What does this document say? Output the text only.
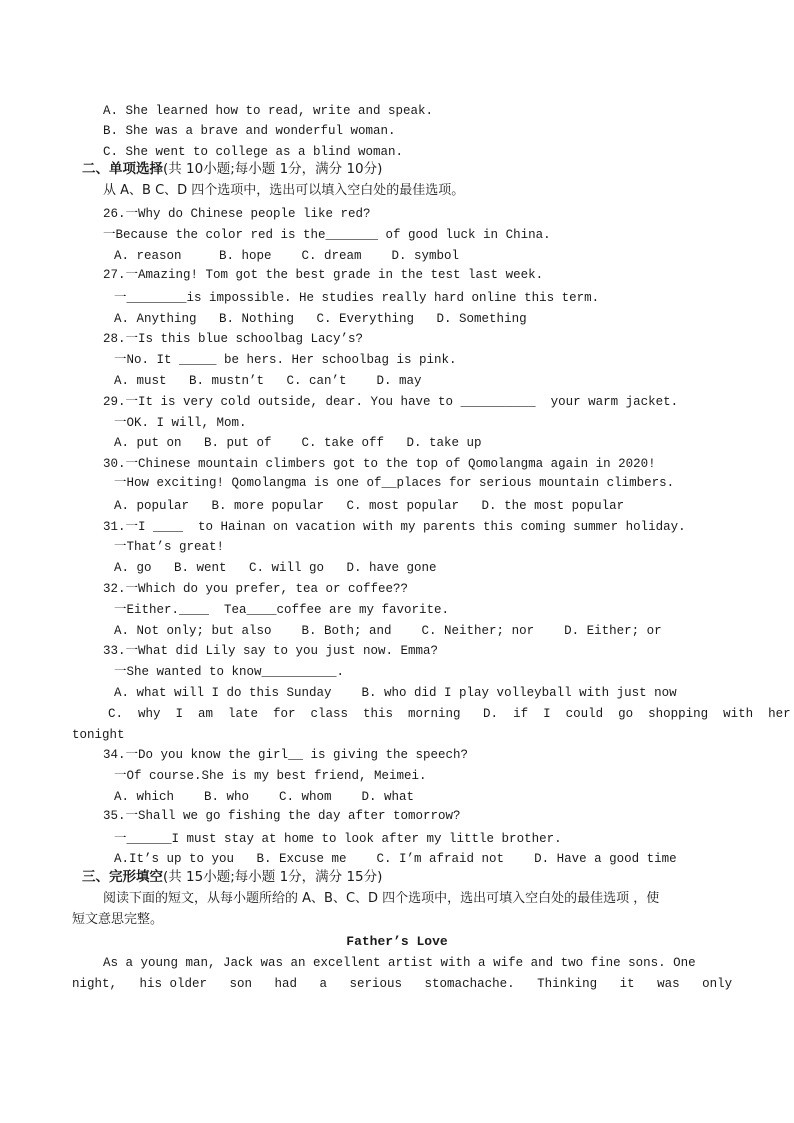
A. She learned how to read, write and speak.
B. She was a brave and wonderful woman.
C. She went to college as a blind woman.
二、单项选择(共 10小题;每小题 1分，满分 10分)
从 A、B C、D 四个选项中，选出可以填入空白处的最佳选项。
26.一Why do Chinese people like red?
一Because the color red is the_______ of good luck in China.
A. reason     B. hope    C. dream    D. symbol
27.一Amazing! Tom got the best grade in the test last week.
一________is impossible. He studies really hard online this term.
A. Anything   B. Nothing   C. Everything   D. Something
28.一Is this blue schoolbag Lacy’s?
一No. It _____ be hers. Her schoolbag is pink.
A. must   B. mustn’t   C. can’t    D. may
29.一It is very cold outside, dear. You have to __________  your warm jacket.
一OK. I will, Mom.
A. put on   B. put of    C. take off   D. take up
30.一Chinese mountain climbers got to the top of Qomolangma again in 2020!
一How exciting! Qomolangma is one of__places for serious mountain climbers.
A. popular   B. more popular   C. most popular   D. the most popular
31.一I ____  to Hainan on vacation with my parents this coming summer holiday.
一That’s great!
A. go   B. went   C. will go   D. have gone
32.一Which do you prefer, tea or coffee??
一Either.____  Tea____coffee are my favorite.
A. Not only; but also    B. Both; and    C. Neither; nor    D. Either; or
33.一What did Lily say to you just now. Emma?
一She wanted to know__________.
A. what will I do this Sunday    B. who did I play volleyball with just now
C.  why  I  am  late  for  class  this  morning   D.  if  I  could  go  shopping  with  her
tonight
34.一Do you know the girl__ is giving the speech?
一Of course.She is my best friend, Meimei.
A. which    B. who    C. whom    D. what
35.一Shall we go fishing the day after tomorrow?
一______I must stay at home to look after my little brother.
A.It’s up to you   B. Excuse me    C. I’m afraid not    D. Have a good time
三、完形填空(共 15小题;每小题 1分，满分 15分)
阅读下面的短文，从每小题所给的 A、B、C、D 四个选项中，选出可填入空白处的最佳选项 ，使
短文意思完整。
Father’s Love
As a young man, Jack was an excellent artist with a wife and two fine sons. One
night,   his older   son   had   a   serious   stomachache.   Thinking   it   was   only
